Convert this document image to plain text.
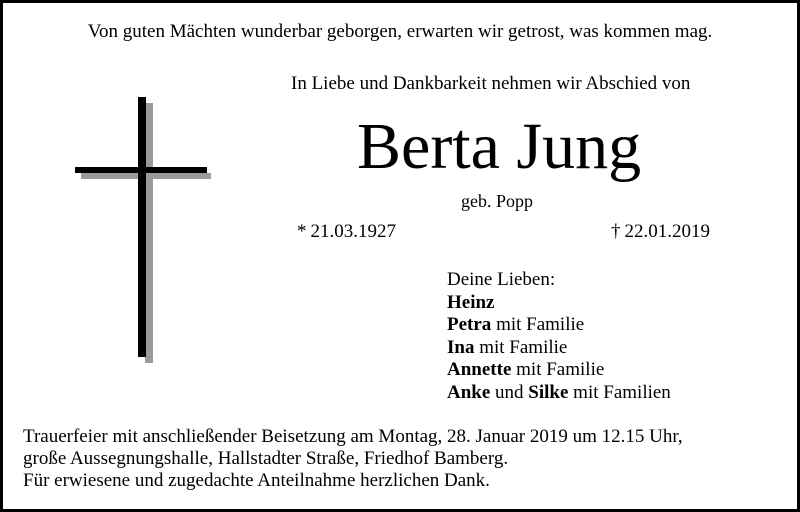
Von guten Mächten wunderbar geborgen, erwarten wir getrost, was kommen mag.
In Liebe und Dankbarkeit nehmen wir Abschied von
Berta Jung
geb. Popp
* 21.03.1927	† 22.01.2019
Deine Lieben:
Heinz
Petra mit Familie
Ina mit Familie
Annette mit Familie
Anke und Silke mit Familien
Trauerfeier mit anschließender Beisetzung am Montag, 28. Januar 2019 um 12.15 Uhr,
große Aussegnungshalle, Hallstadter Straße, Friedhof Bamberg.
Für erwiesene und zugedachte Anteilnahme herzlichen Dank.
